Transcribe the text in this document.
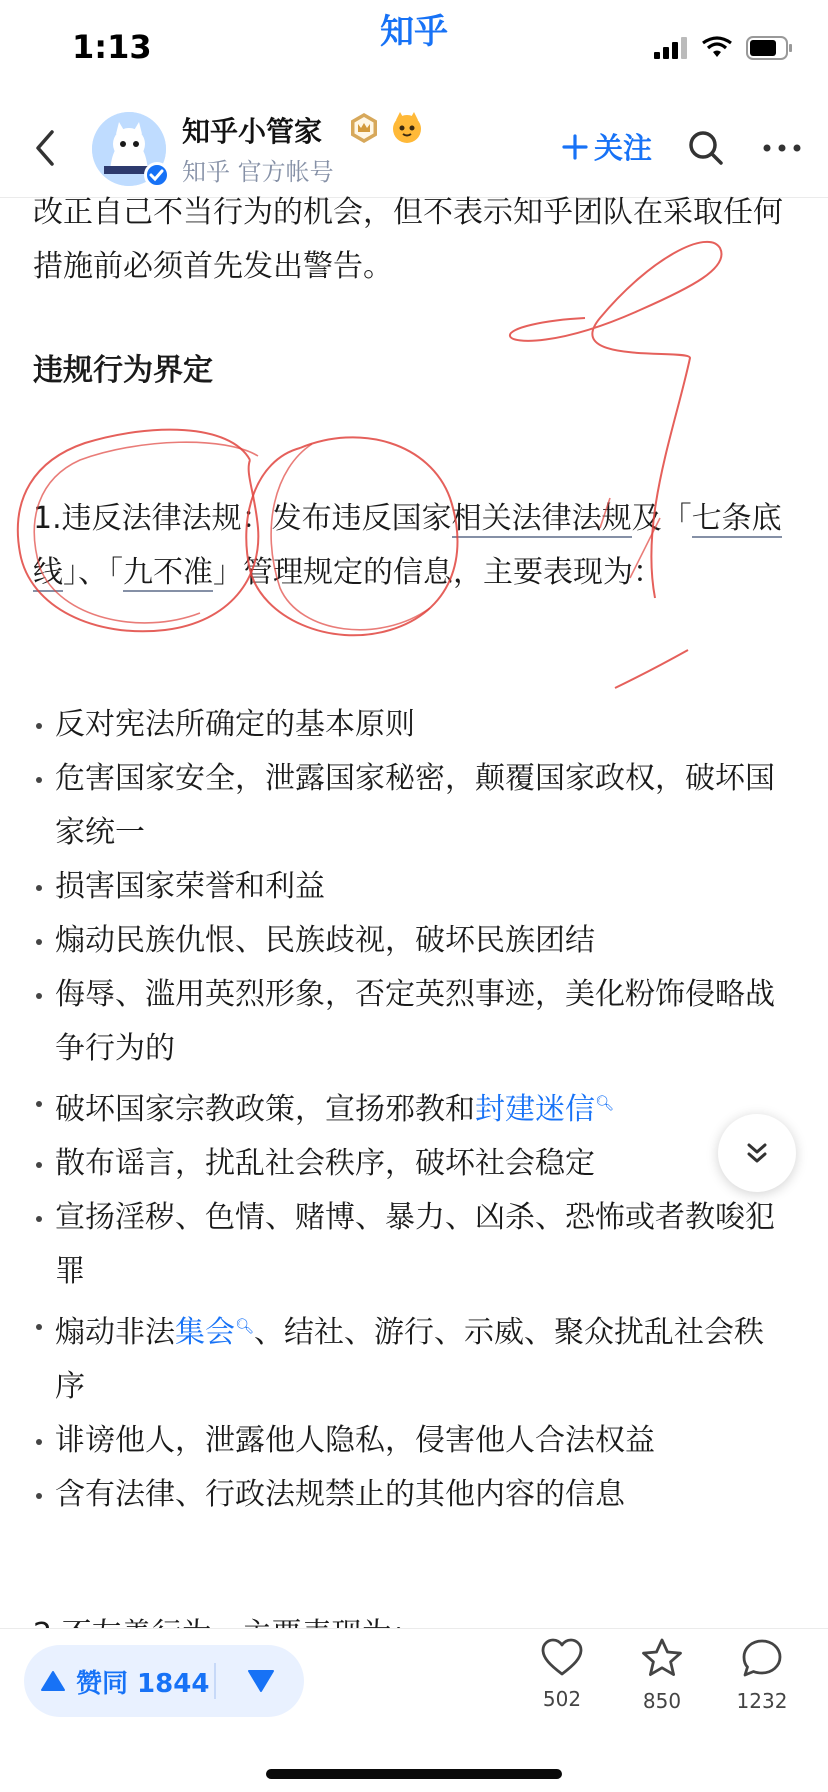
1:13	知乎
知乎小管家
知乎 官方帐号
关注

改正自己不当行为的机会，但不表示知乎团队在采取任何措施前必须首先发出警告。

违规行为界定

1.违反法律法规：发布违反国家相关法律法规及「七条底线」、「九不准」管理规定的信息，主要表现为：

反对宪法所确定的基本原则
危害国家安全，泄露国家秘密，颠覆国家政权，破坏国家统一
损害国家荣誉和利益
煽动民族仇恨、民族歧视，破坏民族团结
侮辱、滥用英烈形象，否定英烈事迹，美化粉饰侵略战争行为的
破坏国家宗教政策，宣扬邪教和封建迷信🔍︎
散布谣言，扰乱社会秩序，破坏社会稳定
宣扬淫秽、色情、赌博、暴力、凶杀、恐怖或者教唆犯罪
煽动非法集会🔍︎、结社、游行、示威、聚众扰乱社会秩序
诽谤他人，泄露他人隐私，侵害他人合法权益
含有法律、行政法规禁止的其他内容的信息

赞同 1844
502	850	1232
